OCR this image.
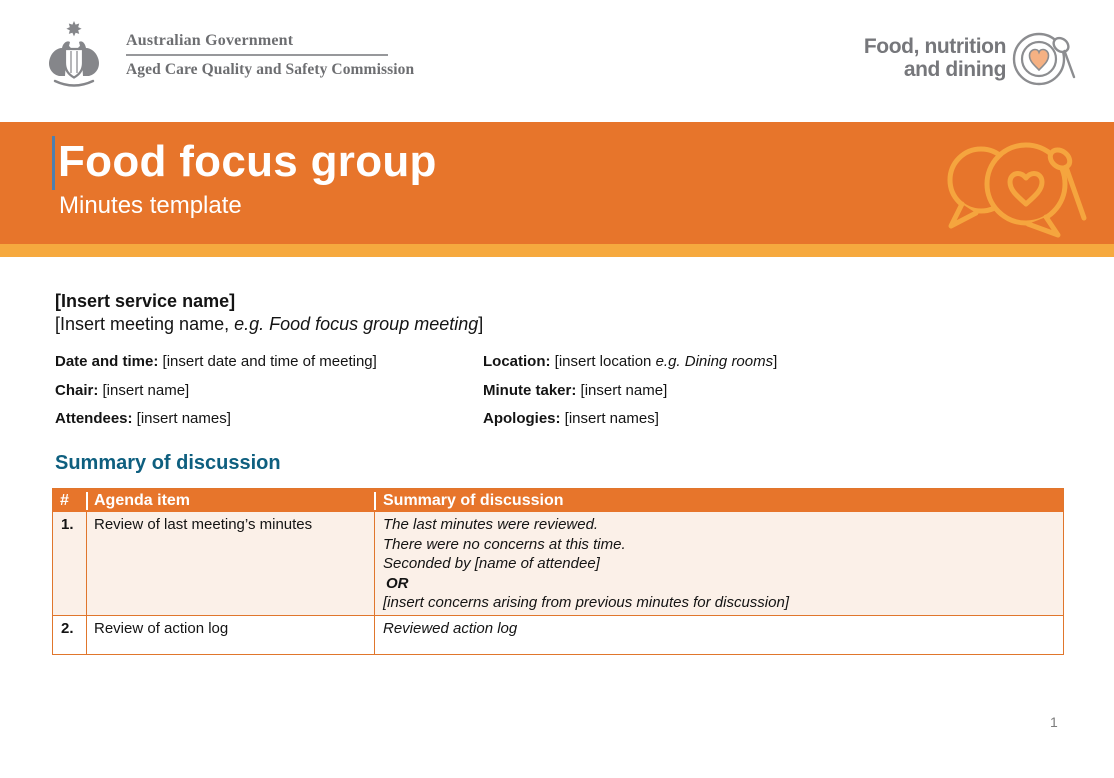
Australian Government
Aged Care Quality and Safety Commission
Food, nutrition
and dining
Food focus group
Minutes template
[Insert service name]
[Insert meeting name, e.g. Food focus group meeting]
Date and time: [insert date and time of meeting]	Location: [insert location e.g. Dining rooms]
Chair: [insert name]	Minute taker: [insert name]
Attendees: [insert names]	Apologies: [insert names]
Summary of discussion
#	Agenda item	Summary of discussion
1.	Review of last meeting’s minutes	The last minutes were reviewed.
There were no concerns at this time.
Seconded by [name of attendee]
OR
[insert concerns arising from previous minutes for discussion]
2.	Review of action log	Reviewed action log
1
